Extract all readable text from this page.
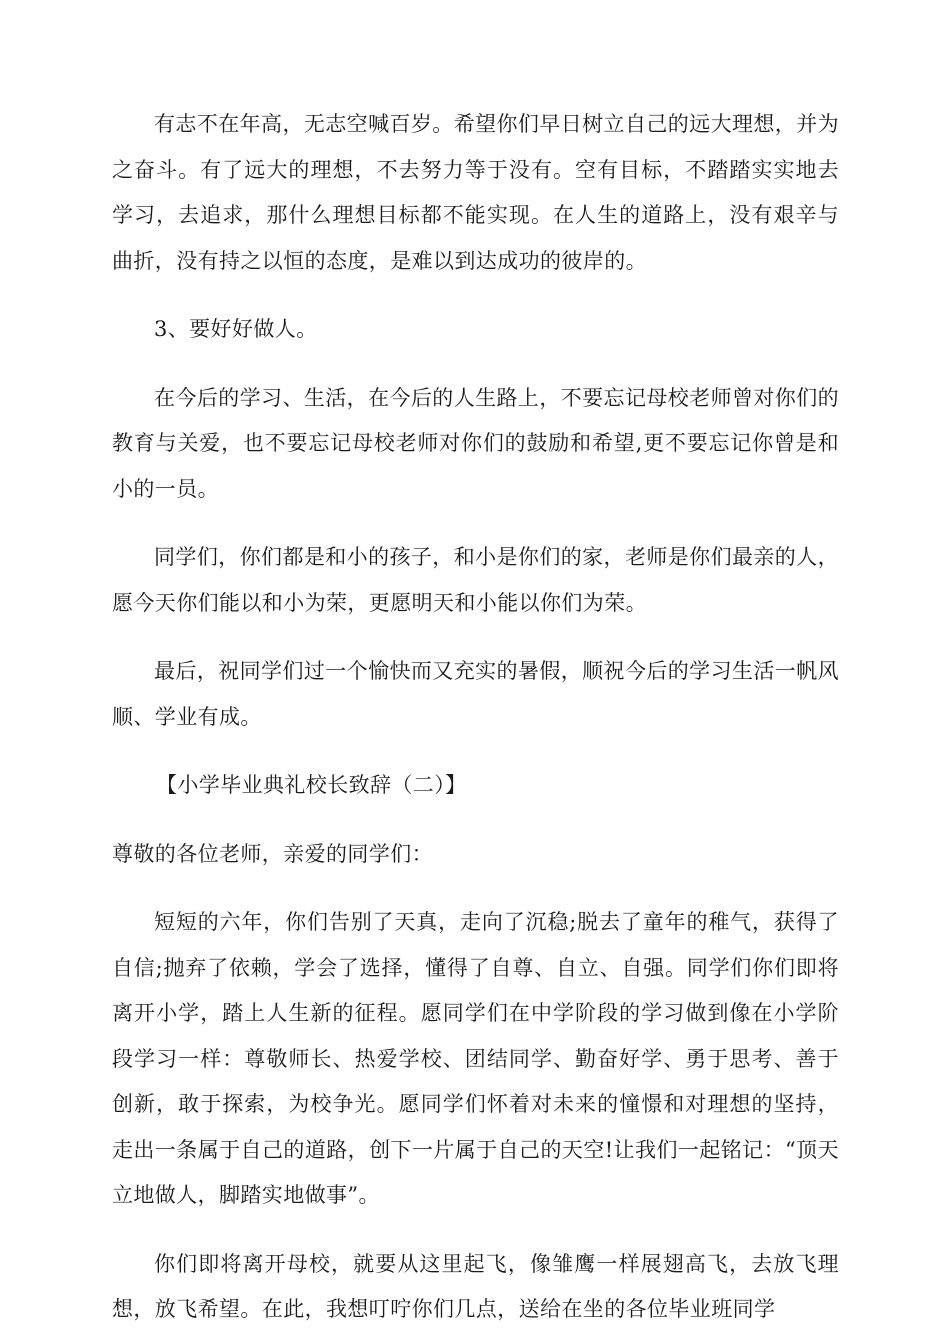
有志不在年高，无志空喊百岁。希望你们早日树立自己的远大理想，并为之奋斗。有了远大的理想，不去努力等于没有。空有目标，不踏踏实实地去学习，去追求，那什么理想目标都不能实现。在人生的道路上，没有艰辛与曲折，没有持之以恒的态度，是难以到达成功的彼岸的。

3、要好好做人。

在今后的学习、生活，在今后的人生路上，不要忘记母校老师曾对你们的教育与关爱，也不要忘记母校老师对你们的鼓励和希望,更不要忘记你曾是和小的一员。

同学们，你们都是和小的孩子，和小是你们的家，老师是你们最亲的人，愿今天你们能以和小为荣，更愿明天和小能以你们为荣。

最后，祝同学们过一个愉快而又充实的暑假，顺祝今后的学习生活一帆风顺、学业有成。

【小学毕业典礼校长致辞（二）】

尊敬的各位老师，亲爱的同学们：

短短的六年，你们告别了天真，走向了沉稳;脱去了童年的稚气，获得了自信;抛弃了依赖，学会了选择，懂得了自尊、自立、自强。同学们你们即将离开小学，踏上人生新的征程。愿同学们在中学阶段的学习做到像在小学阶段学习一样：尊敬师长、热爱学校、团结同学、勤奋好学、勇于思考、善于创新，敢于探索，为校争光。愿同学们怀着对未来的憧憬和对理想的坚持，走出一条属于自己的道路，创下一片属于自己的天空!让我们一起铭记：“顶天立地做人，脚踏实地做事”。

你们即将离开母校，就要从这里起飞，像雏鹰一样展翅高飞，去放飞理想，放飞希望。在此，我想叮咛你们几点，送给在坐的各位毕业班同学
